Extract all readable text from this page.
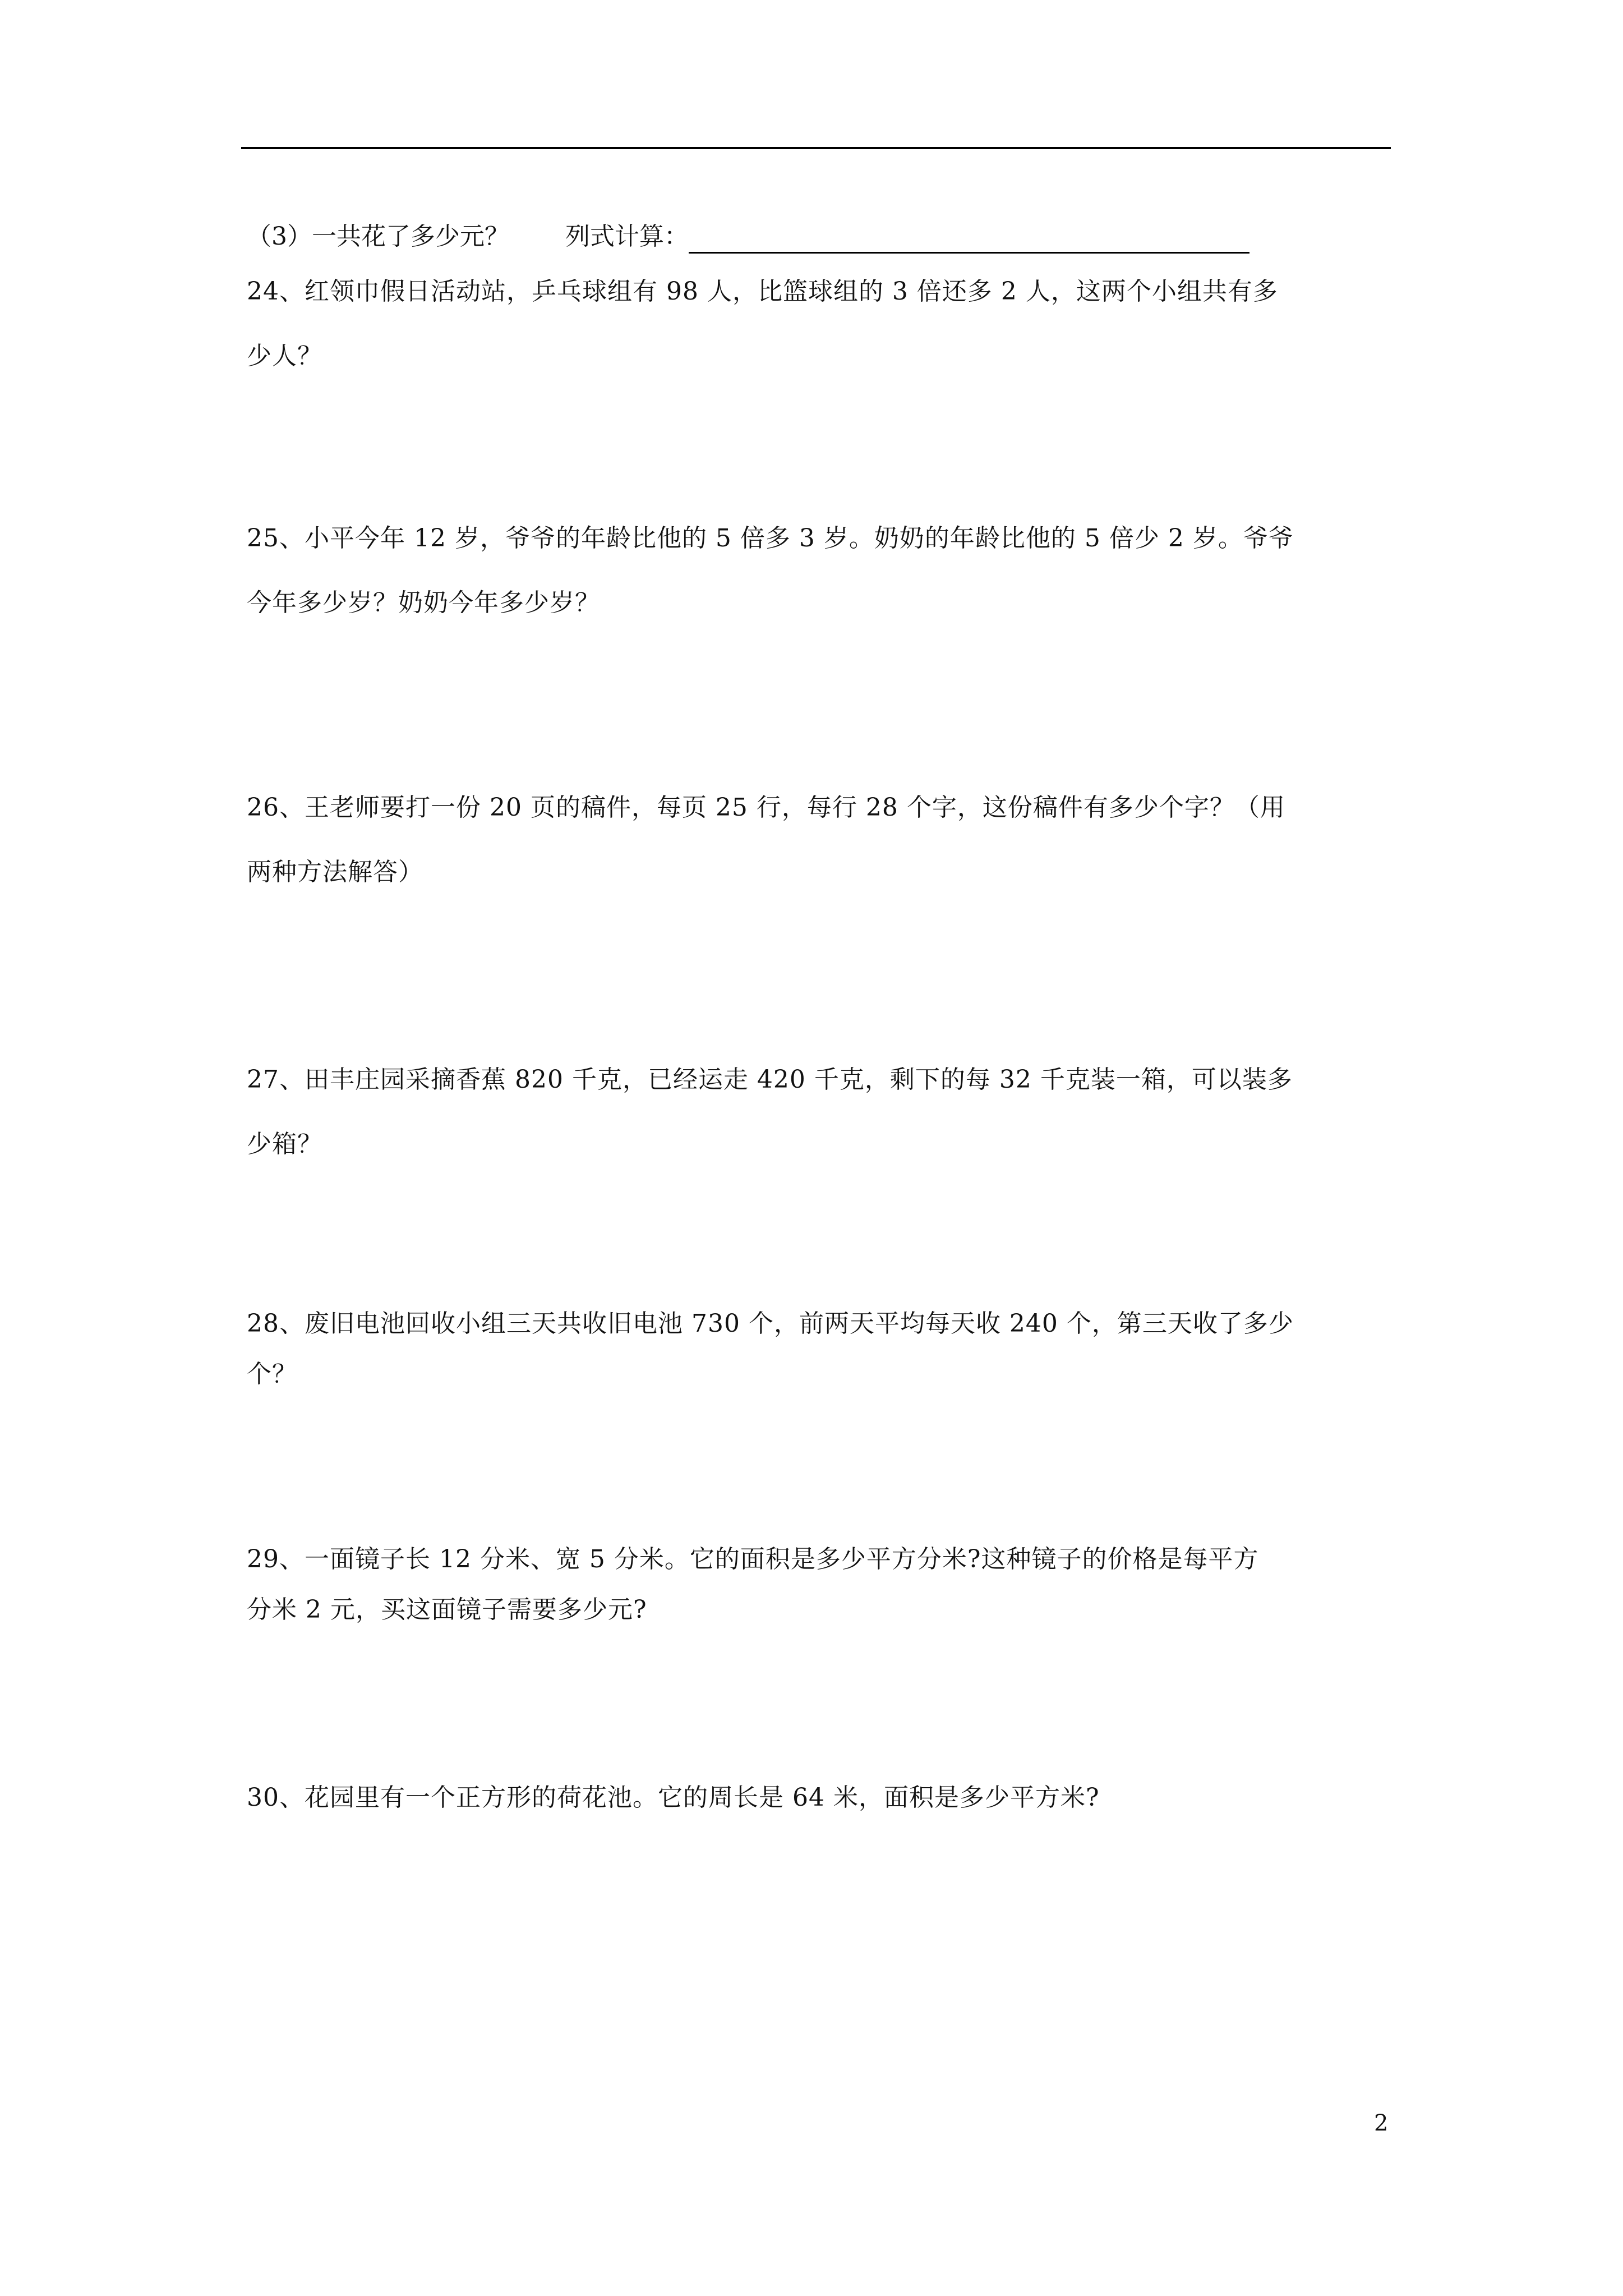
（3）一共花了多少元？ 列式计算：
24、红领巾假日活动站，乒乓球组有 98 人，比篮球组的 3 倍还多 2 人，这两个小组共有多
少人？
25、小平今年 12 岁，爷爷的年龄比他的 5 倍多 3 岁。奶奶的年龄比他的 5 倍少 2 岁。爷爷
今年多少岁？奶奶今年多少岁？
26、王老师要打一份 20 页的稿件，每页 25 行，每行 28 个字，这份稿件有多少个字？（用
两种方法解答）
27、田丰庄园采摘香蕉 820 千克，已经运走 420 千克，剩下的每 32 千克装一箱，可以装多
少箱？
28、废旧电池回收小组三天共收旧电池 730 个，前两天平均每天收 240 个，第三天收了多少
个？
29、一面镜子长 12 分米、宽 5 分米。它的面积是多少平方分米?这种镜子的价格是每平方
分米 2 元，买这面镜子需要多少元?
30、花园里有一个正方形的荷花池。它的周长是 64 米，面积是多少平方米?
2
